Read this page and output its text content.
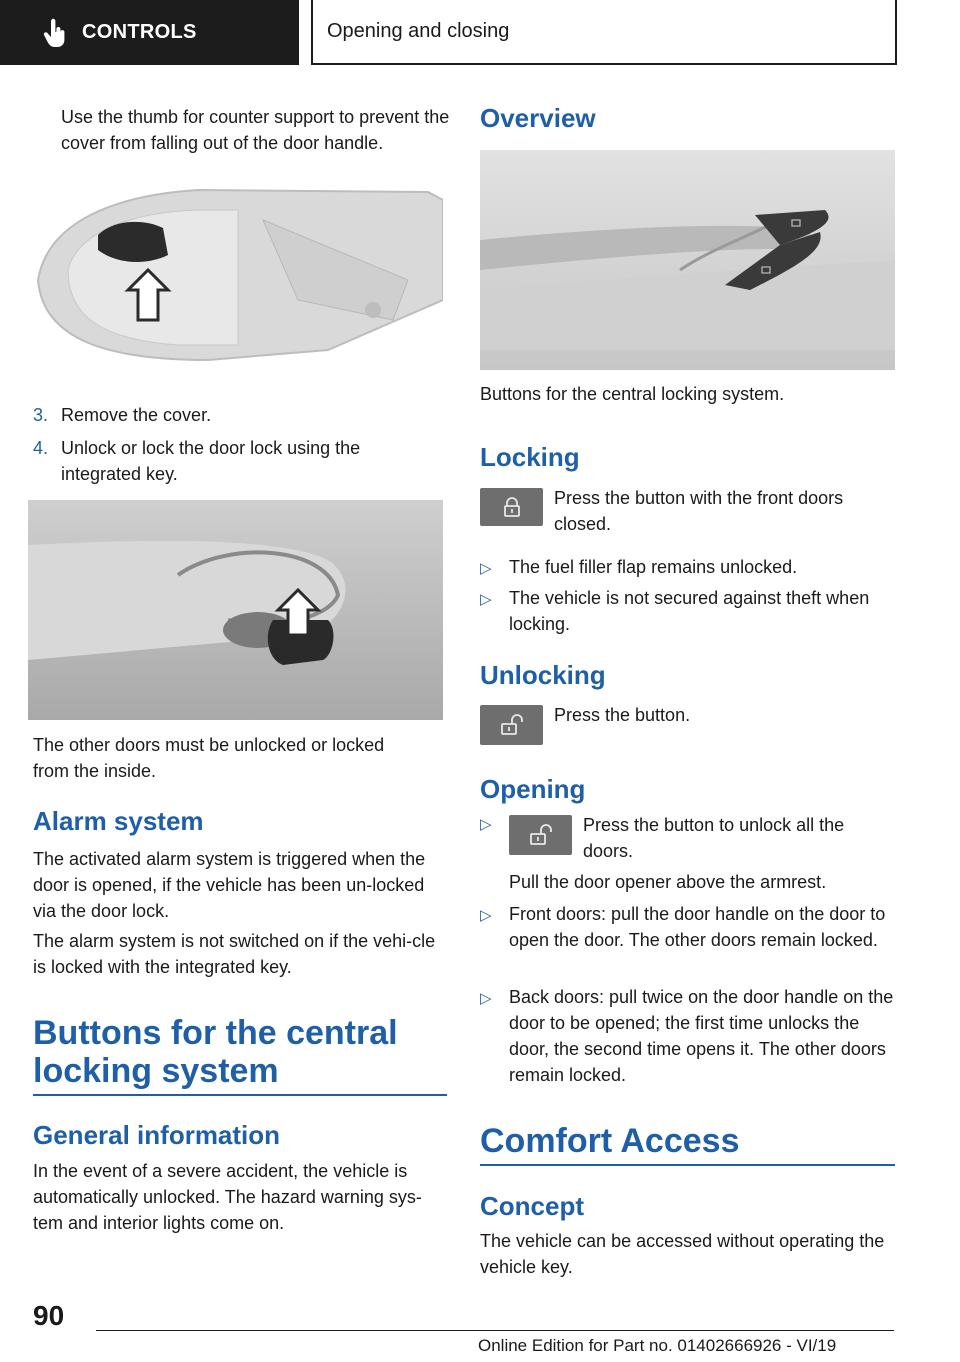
CONTROLS	Opening and closing

Use the thumb for counter support to prevent the cover from falling out of the door handle.

3. Remove the cover.
4. Unlock or lock the door lock using the integrated key.

The other doors must be unlocked or locked from the inside.

Alarm system

The activated alarm system is triggered when the door is opened, if the vehicle has been un-locked via the door lock.

The alarm system is not switched on if the vehi-cle is locked with the integrated key.

Buttons for the central locking system
General information

In the event of a severe accident, the vehicle is automatically unlocked. The hazard warning sys-tem and interior lights come on.

Overview

Buttons for the central locking system.

Locking

Press the button with the front doors closed.

▷ The fuel filler flap remains unlocked.
▷ The vehicle is not secured against theft when locking.
Unlocking

Press the button.

Opening
▷	Press the button to unlock all the doors.

Pull the door opener above the armrest.

▷ Front doors: pull the door handle on the door to open the door. The other doors remain locked.
▷ Back doors: pull twice on the door handle on the door to be opened; the first time unlocks the door, the second time opens it. The other doors remain locked.
Comfort Access
Concept

The vehicle can be accessed without operating the vehicle key.

90
Online Edition for Part no. 01402666926 - VI/19
